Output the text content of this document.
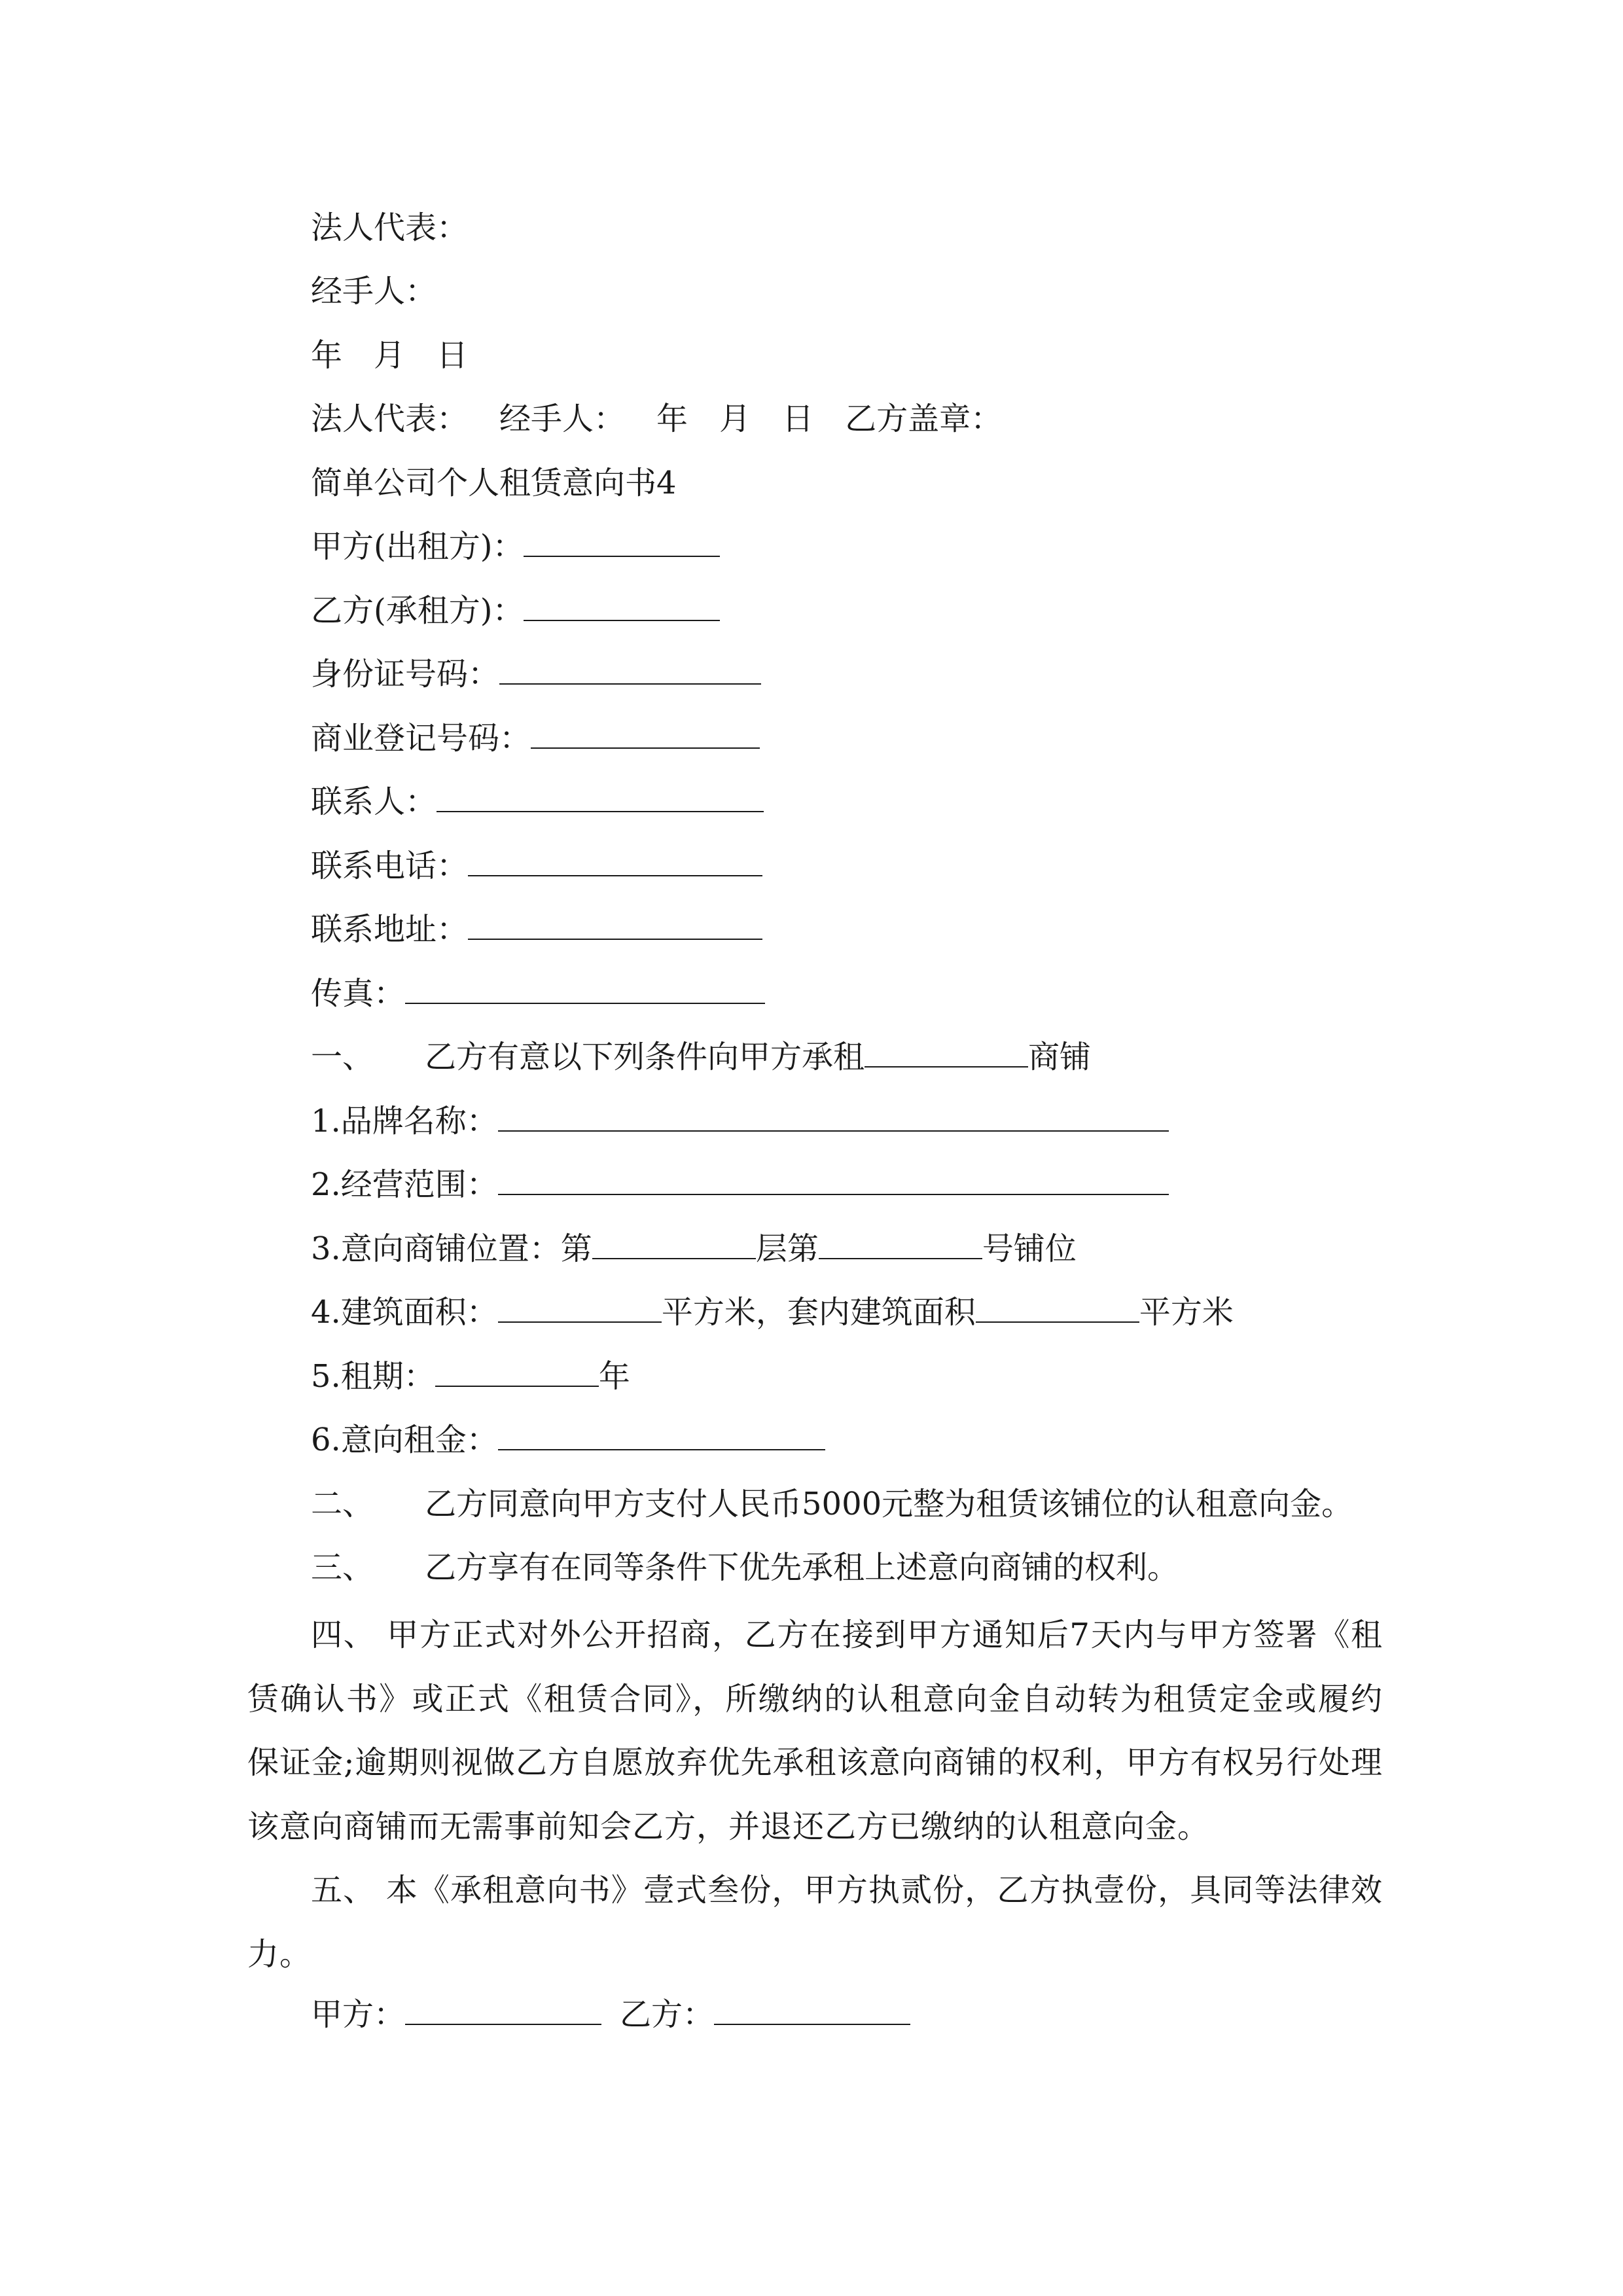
法人代表：
经手人：
年 月 日
法人代表： 经手人： 年 月 日 乙方盖章：
简单公司个人租赁意向书4
甲方(出租方)：
乙方(承租方)：
身份证号码：
商业登记号码：
联系人：
联系电话：
联系地址：
传真：
一、 乙方有意以下列条件向甲方承租	商铺
1.品牌名称：
2.经营范围：
3.意向商铺位置：第	层第	号铺位
4.建筑面积：	平方米，套内建筑面积	平方米
5.租期：	年
6.意向租金：
二、 乙方同意向甲方支付人民币5000元整为租赁该铺位的认租意向金。
三、 乙方享有在同等条件下优先承租上述意向商铺的权利。
四、 甲方正式对外公开招商，乙方在接到甲方通知后7天内与甲方签署《租赁确认书》或正式《租赁合同》，所缴纳的认租意向金自动转为租赁定金或履约保证金;逾期则视做乙方自愿放弃优先承租该意向商铺的权利，甲方有权另行处理该意向商铺而无需事前知会乙方，并退还乙方已缴纳的认租意向金。
五、 本《承租意向书》壹式叁份，甲方执贰份，乙方执壹份，具同等法律效力。
甲方：	乙方：
